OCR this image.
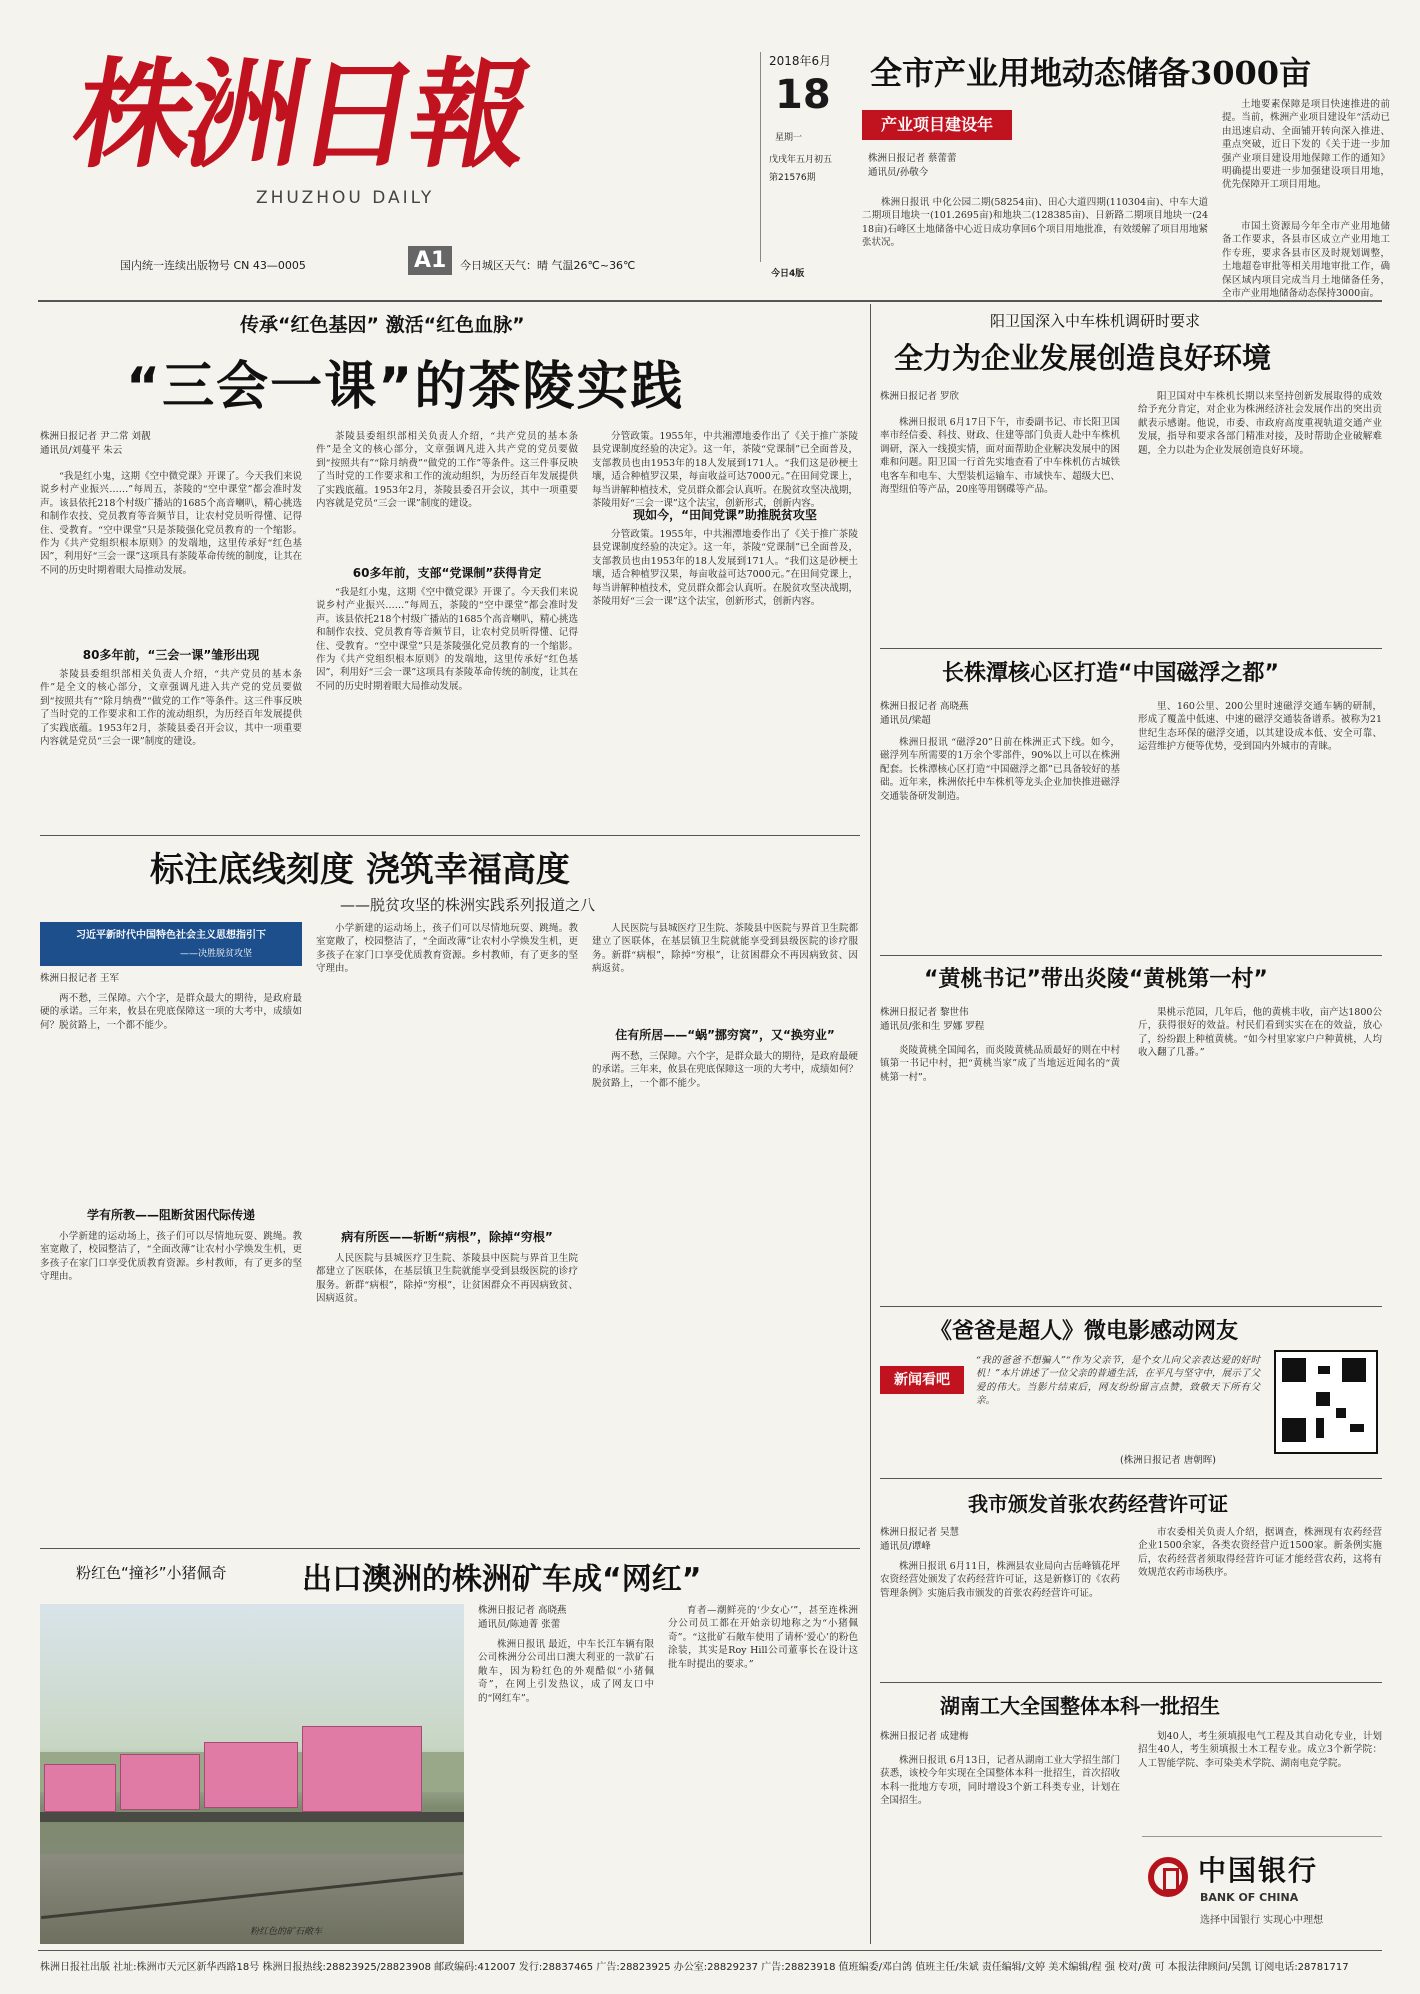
株洲日報
ZHUZHOU DAILY
2018年6月
18
星期一
戊戌年五月初五
第21576期
今日4版
国内统一连续出版物号 CN 43—0005	A1	今日城区天气：晴 气温26℃~36℃
全市产业用地动态储备3000亩
产业项目建设年
株洲日报记者 蔡蕾蕾
通讯员/孙敬今
株洲日报讯 中化公园二期(58254亩)、田心大道四期(110304亩)、中车大道二期项目地块一(101.2695亩)和地块二(128385亩)、日新路二期项目地块一(2418亩)石峰区土地储备中心近日成功拿回6个项目用地批准，有效缓解了项目用地紧张状况。
土地要素保障是项目快速推进的前提。当前，株洲产业项目建设年“活动已由迅速启动、全面铺开转向深入推进、重点突破，近日下发的《关于进一步加强产业项目建设用地保障工作的通知》明确提出要进一步加强建设项目用地，优先保障开工项目用地。
市国土资源局今年全市产业用地储备工作要求，各县市区成立产业用地工作专班，要求各县市区及时规划调整，土地超卷审批等相关用地审批工作，确保区域内项目完成当月土地储备任务，全市产业用地储备动态保持3000亩。
传承“红色基因” 激活“红色血脉”
“三会一课”的茶陵实践
株洲日报记者 尹二常 刘靓
通讯员/刘蔓平 朱云
“我是红小鬼，这期《空中微党课》开课了。今天我们来说说乡村产业振兴……”每周五，茶陵的“空中课堂”都会准时发声。该县依托218个村级广播站的1685个高音喇叭，精心挑选和制作农技、党员教育等音频节目，让农村党员听得懂、记得住、受教育。“空中课堂”只是茶陵强化党员教育的一个缩影。作为《共产党组织根本原则》的发端地，这里传承好“红色基因”，利用好“三会一课”这项具有茶陵革命传统的制度，让其在不同的历史时期着眼大局推动发展。
80多年前，“三会一课”雏形出现
茶陵县委组织部相关负责人介绍，“共产党员的基本条件”是全文的核心部分，文章强调凡进入共产党的党员要做到“按照共有”“除月纳费”“做党的工作”等条件。这三件事反映了当时党的工作要求和工作的流动组织，为历经百年发展提供了实践底蕴。1953年2月，茶陵县委召开会议，其中一项重要内容就是党员“三会一课”制度的建设。
茶陵县委组织部相关负责人介绍，“共产党员的基本条件”是全文的核心部分，文章强调凡进入共产党的党员要做到“按照共有”“除月纳费”“做党的工作”等条件。这三件事反映了当时党的工作要求和工作的流动组织，为历经百年发展提供了实践底蕴。1953年2月，茶陵县委召开会议，其中一项重要内容就是党员“三会一课”制度的建设。
60多年前，支部“党课制”获得肯定
“我是红小鬼，这期《空中微党课》开课了。今天我们来说说乡村产业振兴……”每周五，茶陵的“空中课堂”都会准时发声。该县依托218个村级广播站的1685个高音喇叭，精心挑选和制作农技、党员教育等音频节目，让农村党员听得懂、记得住、受教育。“空中课堂”只是茶陵强化党员教育的一个缩影。作为《共产党组织根本原则》的发端地，这里传承好“红色基因”，利用好“三会一课”这项具有茶陵革命传统的制度，让其在不同的历史时期着眼大局推动发展。
分管政策。1955年，中共湘潭地委作出了《关于推广茶陵县党课制度经验的决定》。这一年，茶陵“党课制”已全面普及，支部教员也由1953年的18人发展到171人。“我们这是砂梗土壤，适合种植罗汉果，每亩收益可达7000元。”在田间党课上，每当讲解种植技术，党员群众都会认真听。在脱贫攻坚决战期，茶陵用好“三会一课”这个法宝，创新形式，创新内容。
现如今，“田间党课”助推脱贫攻坚
分管政策。1955年，中共湘潭地委作出了《关于推广茶陵县党课制度经验的决定》。这一年，茶陵“党课制”已全面普及，支部教员也由1953年的18人发展到171人。“我们这是砂梗土壤，适合种植罗汉果，每亩收益可达7000元。”在田间党课上，每当讲解种植技术，党员群众都会认真听。在脱贫攻坚决战期，茶陵用好“三会一课”这个法宝，创新形式，创新内容。
阳卫国深入中车株机调研时要求
全力为企业发展创造良好环境
株洲日报记者 罗欣
株洲日报讯 6月17日下午，市委副书记、市长阳卫国率市经信委、科技、财政、住建等部门负责人赴中车株机调研，深入一线摸实情，面对面帮助企业解决发展中的困难和问题。阳卫国一行首先实地查看了中车株机仿古城铁电客车和电车、大型装机运输车、市域快车、超级大巴、海型纽伯等产品，20座等用钢碟等产品。
阳卫国对中车株机长期以来坚持创新发展取得的成效给予充分肯定，对企业为株洲经济社会发展作出的突出贡献表示感谢。他说，市委、市政府高度重视轨道交通产业发展，指导和要求各部门精准对接，及时帮助企业破解难题，全力以赴为企业发展创造良好环境。
长株潭核心区打造“中国磁浮之都”
株洲日报记者 高晓燕
通讯员/梁超
株洲日报讯 “磁浮20”日前在株洲正式下线。如今，磁浮列车所需要的1万余个零部件，90%以上可以在株洲配套。长株潭核心区打造“中国磁浮之都”已具备较好的基础。近年来，株洲依托中车株机等龙头企业加快推进磁浮交通装备研发制造。
里、160公里、200公里时速磁浮交通车辆的研制，形成了覆盖中低速、中速的磁浮交通装备谱系。被称为21世纪生态环保的磁浮交通，以其建设成本低、安全可靠、运营维护方便等优势，受到国内外城市的青睐。
标注底线刻度 浇筑幸福高度
——脱贫攻坚的株洲实践系列报道之八
习近平新时代中国特色社会主义思想指引下
——决胜脱贫攻坚
株洲日报记者 王军
两不愁，三保障。六个字，是群众最大的期待，是政府最硬的承诺。三年来，攸县在兜底保障这一项的大考中，成绩如何？脱贫路上，一个都不能少。
学有所教——阻断贫困代际传递
小学新建的运动场上，孩子们可以尽情地玩耍、跳绳。教室宽敞了，校园整洁了，“全面改薄”让农村小学焕发生机，更多孩子在家门口享受优质教育资源。乡村教师，有了更多的坚守理由。
小学新建的运动场上，孩子们可以尽情地玩耍、跳绳。教室宽敞了，校园整洁了，“全面改薄”让农村小学焕发生机，更多孩子在家门口享受优质教育资源。乡村教师，有了更多的坚守理由。
病有所医——斩断“病根”，除掉“穷根”
人民医院与县城医疗卫生院、茶陵县中医院与界首卫生院都建立了医联体，在基层镇卫生院就能享受到县级医院的诊疗服务。新群“病根”，除掉“穷根”，让贫困群众不再因病致贫、因病返贫。
人民医院与县城医疗卫生院、茶陵县中医院与界首卫生院都建立了医联体，在基层镇卫生院就能享受到县级医院的诊疗服务。新群“病根”，除掉“穷根”，让贫困群众不再因病致贫、因病返贫。
住有所居——“蜗”挪穷窝”，又“换穷业”
两不愁，三保障。六个字，是群众最大的期待，是政府最硬的承诺。三年来，攸县在兜底保障这一项的大考中，成绩如何？脱贫路上，一个都不能少。
“黄桃书记”带出炎陵“黄桃第一村”
株洲日报记者 黎世伟
通讯员/张和生 罗娜 罗程
炎陵黄桃全国闻名，而炎陵黄桃品质最好的则在中村镇第一书记中村，把“黄桃当家”成了当地远近闻名的“黄桃第一村”。
果桃示范园，几年后，他的黄桃丰收，亩产达1800公斤，获得很好的效益。村民们看到实实在在的效益，放心了，纷纷跟上种植黄桃。“如今村里家家户户种黄桃，人均收入翻了几番。”
《爸爸是超人》微电影感动网友
新闻看吧
“我的爸爸不想骗人”“作为父亲节，是个女儿向父亲表达爱的好时机！”本片讲述了一位父亲的普通生活，在平凡与坚守中，展示了父爱的伟大。当影片结束后，网友纷纷留言点赞，致敬天下所有父亲。
(株洲日报记者 唐朝晖)
我市颁发首张农药经营许可证
株洲日报记者 吴慧
通讯员/谭峰
株洲日报讯 6月11日，株洲县农业局向古岳峰镇花坪农资经营处颁发了农药经营许可证，这是新修订的《农药管理条例》实施后我市颁发的首张农药经营许可证。
市农委相关负责人介绍，据调查，株洲现有农药经营企业1500余家，各类农资经营户近1500家。新条例实施后，农药经营者须取得经营许可证才能经营农药，这将有效规范农药市场秩序。
湖南工大全国整体本科一批招生
株洲日报记者 成建梅
株洲日报讯 6月13日，记者从湖南工业大学招生部门获悉，该校今年实现在全国整体本科一批招生，首次招收本科一批地方专项，同时增设3个新工科类专业，计划在全国招生。
划40人，考生须填报电气工程及其自动化专业，计划招生40人，考生须填报土木工程专业。成立3个新学院：人工智能学院、李可染美术学院、湖南电竞学院。
中国银行
BANK OF CHINA
选择中国银行 实现心中理想
粉红色“撞衫”小猪佩奇	出口澳洲的株洲矿车成“网红”
粉红色的矿石敞车
株洲日报记者 高晓燕
通讯员/陈迪菁 张蕾
株洲日报讯 最近，中车长江车辆有限公司株洲分公司出口澳大利亚的一款矿石敞车，因为粉红色的外观酷似“小猪佩奇”，在网上引发热议，成了网友口中的“网红车”。
育者—潮鲜亮的‘少女心’”，甚至连株洲分公司员工都在开始亲切地称之为“小猪佩奇”。“这批矿石敞车使用了请杯‘爱心’的粉色涂装，其实是Roy Hill公司董事长在设计这批车时提出的要求。”
株洲日报社出版 社址:株洲市天元区新华西路18号 株洲日报热线:28823925/28823908 邮政编码:412007 发行:28837465 广告:28823925 办公室:28829237 广告:28823918 值班编委/邓白鸽 值班主任/朱斌 责任编辑/文婷 美术编辑/程 强 校对/黄 可 本报法律顾问/吴凯 订阅电话:28781717
